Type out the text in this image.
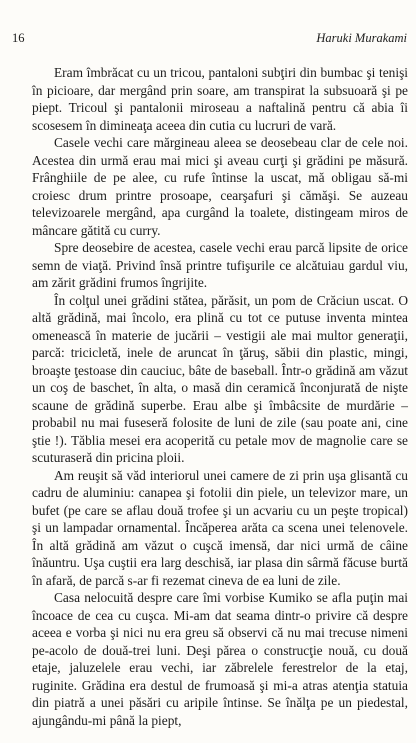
16	Haruki Murakami

Eram îmbrăcat cu un tricou, pantaloni subţiri din bumbac şi tenişi în picioare, dar mergând prin soare, am transpirat la subsuoară şi pe piept. Tricoul şi pantalonii miroseau a naftalină pentru că abia îi scosesem în dimineaţa aceea din cutia cu lucruri de vară.

Casele vechi care mărgineau aleea se deosebeau clar de cele noi. Acestea din urmă erau mai mici şi aveau curţi şi grădini pe măsură. Frânghiile de pe alee, cu rufe întinse la uscat, mă obligau să-mi croiesc drum printre prosoape, cearşafuri şi cămăşi. Se auzeau televizoarele mergând, apa curgând la toalete, distingeam miros de mâncare gătită cu curry.

Spre deosebire de acestea, casele vechi erau parcă lipsite de orice semn de viaţă. Privind însă printre tufişurile ce alcătuiau gardul viu, am zărit grădini frumos îngrijite.

În colţul unei grădini stătea, părăsit, un pom de Crăciun uscat. O altă grădină, mai încolo, era plină cu tot ce putuse inventa mintea omenească în materie de jucării – vestigii ale mai multor generaţii, parcă: tricicletă, inele de aruncat în ţăruş, săbii din plastic, mingi, broaşte ţestoase din cauciuc, bâte de baseball. Într-o grădină am văzut un coş de baschet, în alta, o masă din ceramică înconjurată de nişte scaune de grădină superbe. Erau albe şi îmbâcsite de murdărie – probabil nu mai fuseseră folosite de luni de zile (sau poate ani, cine ştie !). Tăblia mesei era acoperită cu petale mov de magnolie care se scuturaseră din pricina ploii.

Am reuşit să văd interiorul unei camere de zi prin uşa glisantă cu cadru de aluminiu: canapea şi fotolii din piele, un televizor mare, un bufet (pe care se aflau două trofee şi un acvariu cu un peşte tropical) şi un lampadar ornamental. Încăperea arăta ca scena unei telenovele. În altă grădină am văzut o cuşcă imensă, dar nici urmă de câine înăuntru. Uşa cuştii era larg deschisă, iar plasa din sârmă făcuse burtă în afară, de parcă s-ar fi rezemat cineva de ea luni de zile.

Casa nelocuită despre care îmi vorbise Kumiko se afla puţin mai încoace de cea cu cuşca. Mi-am dat seama dintr-o privire că despre aceea e vorba şi nici nu era greu să observi că nu mai trecuse nimeni pe-acolo de două-trei luni. Deşi părea o construcţie nouă, cu două etaje, jaluzelele erau vechi, iar zăbrelele ferestrelor de la etaj, ruginite. Grădina era destul de frumoasă şi mi-a atras atenţia statuia din piatră a unei păsări cu aripile întinse. Se înălţa pe un piedestal, ajungându-mi până la piept,
